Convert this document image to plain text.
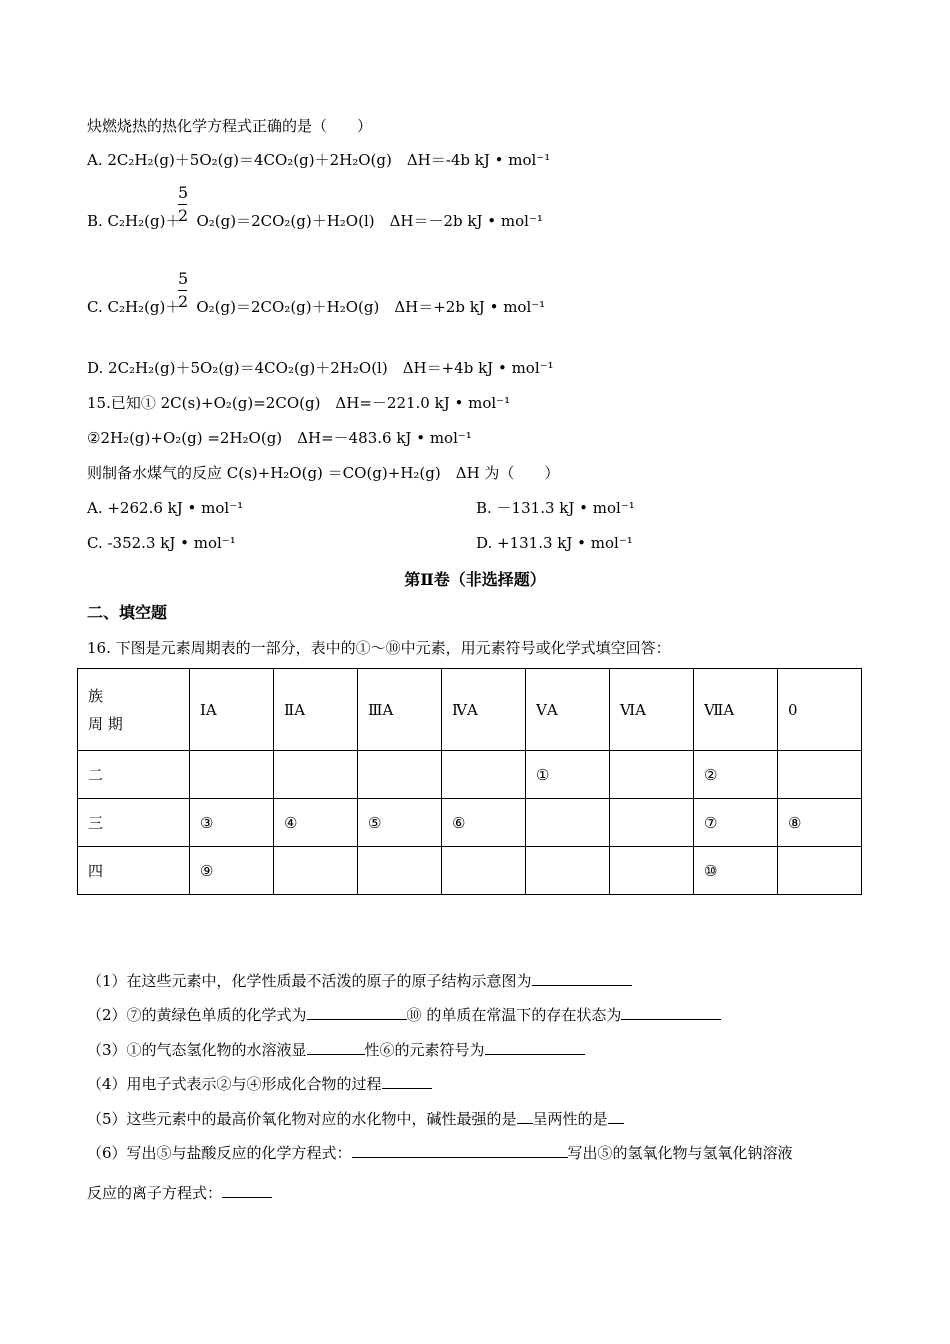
炔燃烧热的热化学方程式正确的是（　　）
A. 2C₂H₂(g)＋5O₂(g)＝4CO₂(g)＋2H₂O(g)　ΔH＝-4b kJ • mol⁻¹
5
2
B. C₂H₂(g)＋ O₂(g)＝2CO₂(g)＋H₂O(l)　ΔH＝－2b kJ • mol⁻¹
5
2
C. C₂H₂(g)＋ O₂(g)＝2CO₂(g)＋H₂O(g)　ΔH＝+2b kJ • mol⁻¹
D. 2C₂H₂(g)＋5O₂(g)＝4CO₂(g)＋2H₂O(l)　ΔH＝+4b kJ • mol⁻¹
15.已知① 2C(s)+O₂(g)=2CO(g)　ΔH=－221.0 kJ • mol⁻¹
②2H₂(g)+O₂(g) =2H₂O(g)　ΔH=－483.6 kJ • mol⁻¹
则制备水煤气的反应 C(s)+H₂O(g) ＝CO(g)+H₂(g)　ΔH 为（　　）
A. +262.6 kJ • mol⁻¹	B. －131.3 kJ • mol⁻¹
C. -352.3 kJ • mol⁻¹	D. +131.3 kJ • mol⁻¹
第Ⅱ卷（非选择题）
二、填空题
16. 下图是元素周期表的一部分，表中的①～⑩中元素，用元素符号或化学式填空回答：
族
周 期	ⅠA	ⅡA	ⅢA	ⅣA	ⅤA	ⅥA	ⅦA	0
二					①		②	
三	③	④	⑤	⑥			⑦	⑧
四	⑨						⑩	
（1）在这些元素中，化学性质最不活泼的原子的原子结构示意图为
（2）⑦的黄绿色单质的化学式为	⑩ 的单质在常温下的存在状态为
（3）①的气态氢化物的水溶液显	性⑥的元素符号为
（4）用电子式表示②与④形成化合物的过程
（5）这些元素中的最高价氧化物对应的水化物中，碱性最强的是 呈两性的是
（6）写出⑤与盐酸反应的化学方程式：	写出⑤的氢氧化物与氢氧化钠溶液
反应的离子方程式：
